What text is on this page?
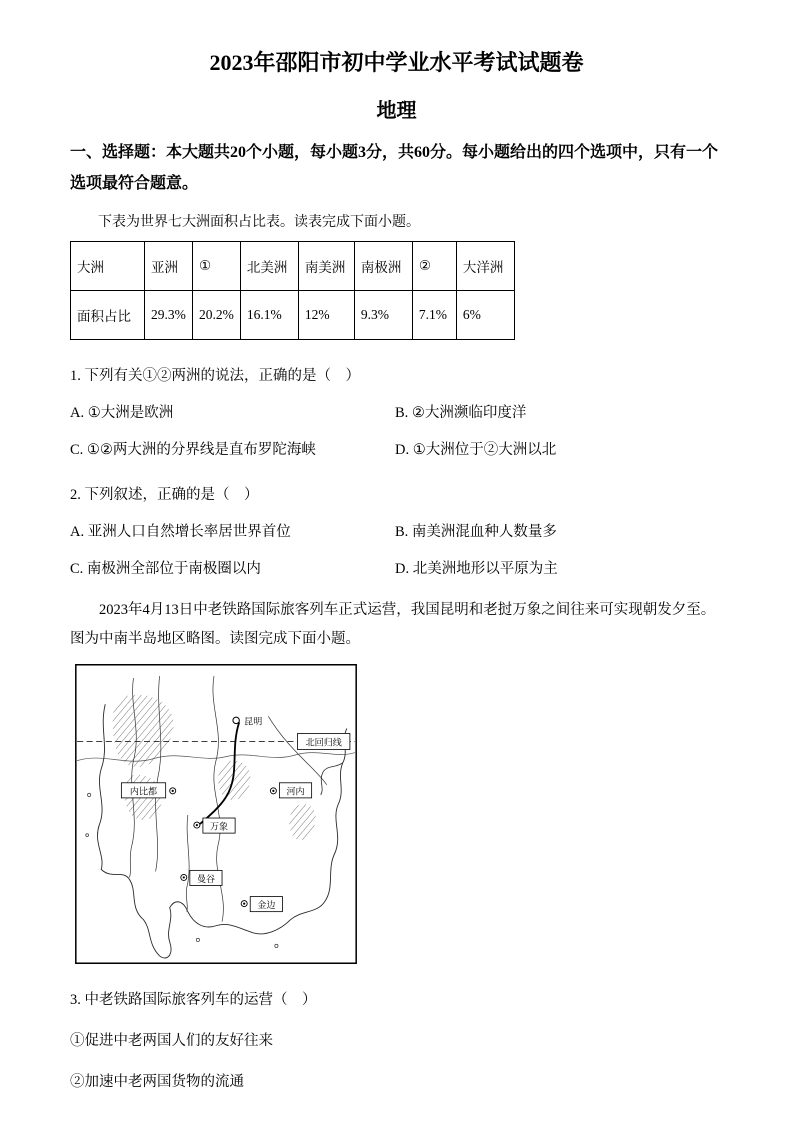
2023年邵阳市初中学业水平考试试题卷
地理

一、选择题：本大题共20个小题，每小题3分，共60分。每小题给出的四个选项中，只有一个选项最符合题意。

下表为世界七大洲面积占比表。读表完成下面小题。

大洲	亚洲	①	北美洲	南美洲	南极洲	②	大洋洲
面积占比	29.3%	20.2%	16.1%	12%	9.3%	7.1%	6%

1. 下列有关①②两洲的说法，正确的是（　）

A. ①大洲是欧洲	B. ②大洲濒临印度洋

C. ①②两大洲的分界线是直布罗陀海峡	D. ①大洲位于②大洲以北

2. 下列叙述，正确的是（　）

A. 亚洲人口自然增长率居世界首位	B. 南美洲混血种人数量多

C. 南极洲全部位于南极圈以内	D. 北美洲地形以平原为主

2023年4月13日中老铁路国际旅客列车正式运营，我国昆明和老挝万象之间往来可实现朝发夕至。图为中南半岛地区略图。读图完成下面小题。

昆明
北回归线
内比都	河内
万象
曼谷
金边

3. 中老铁路国际旅客列车的运营（　）

①促进中老两国人们的友好往来

②加速中老两国货物的流通
